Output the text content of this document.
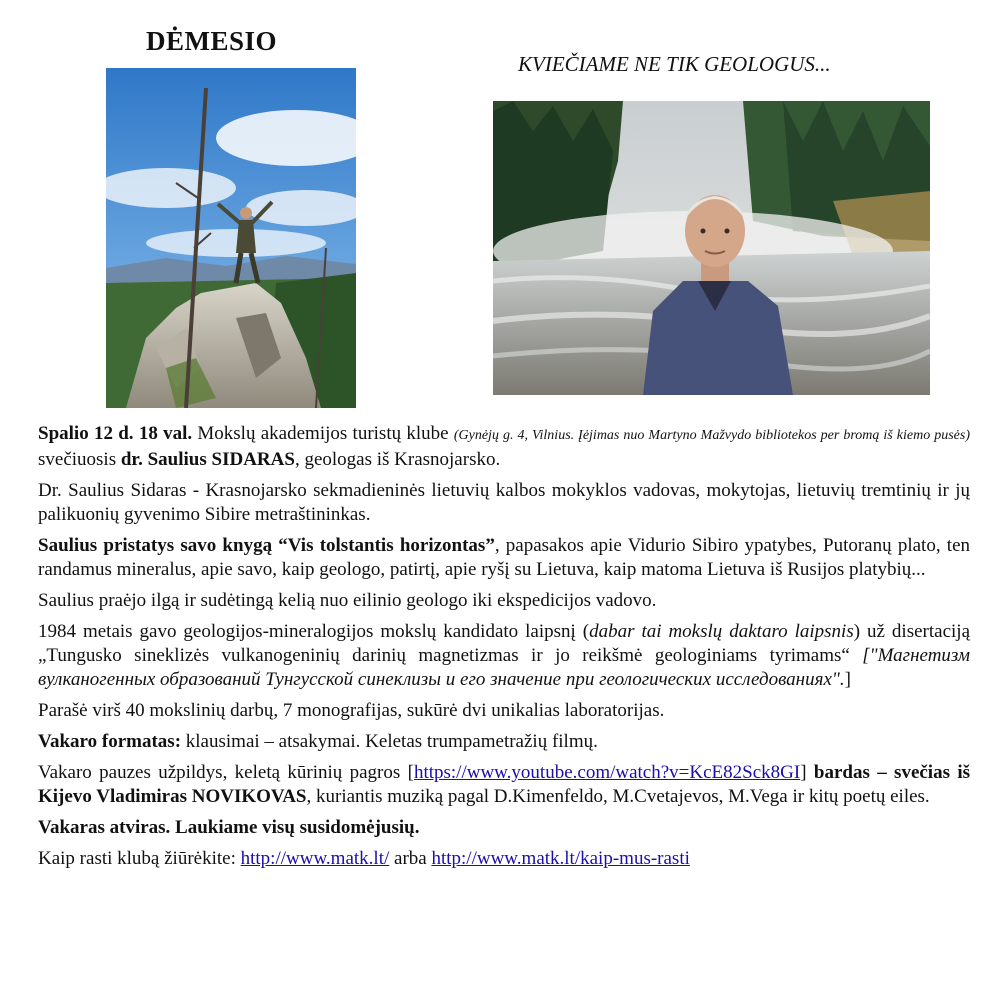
DĖMESIO
KVIEČIAME NE TIK GEOLOGUS...

Spalio 12 d. 18 val. Mokslų akademijos turistų klube (Gynėjų g. 4, Vilnius. Įėjimas nuo Martyno Mažvydo bibliotekos per bromą iš kiemo pusės) svečiuosis dr. Saulius SIDARAS, geologas iš Krasnojarsko.

Dr. Saulius Sidaras - Krasnojarsko sekmadieninės lietuvių kalbos mokyklos vadovas, mokytojas, lietuvių tremtinių ir jų palikuonių gyvenimo Sibire metraštininkas.

Saulius pristatys savo knygą “Vis tolstantis horizontas”, papasakos apie Vidurio Sibiro ypatybes, Putoranų plato, ten randamus mineralus, apie savo, kaip geologo, patirtį, apie ryšį su Lietuva, kaip matoma Lietuva iš Rusijos platybių...

Saulius praėjo ilgą ir sudėtingą kelią nuo eilinio geologo iki ekspedicijos vadovo.

1984 metais gavo geologijos-mineralogijos mokslų kandidato laipsnį (dabar tai mokslų daktaro laipsnis) už disertaciją „Tungusko sineklizės vulkanogeninių darinių magnetizmas ir jo reikšmė geologiniams tyrimams“ ["Магнетизм вулканогенных образований Тунгусской синеклизы и его значение при геологических исследованиях".]

Parašė virš 40 mokslinių darbų, 7 monografijas, sukūrė dvi unikalias laboratorijas.

Vakaro formatas: klausimai – atsakymai. Keletas trumpametražių filmų.

Vakaro pauzes užpildys, keletą kūrinių pagros [https://www.youtube.com/watch?v=KcE82Sck8GI] bardas – svečias iš Kijevo Vladimiras NOVIKOVAS, kuriantis muziką pagal D.Kimenfeldo, M.Cvetajevos, M.Vega ir kitų poetų eiles.

Vakaras atviras. Laukiame visų susidomėjusių.

Kaip rasti klubą žiūrėkite: http://www.matk.lt/ arba http://www.matk.lt/kaip-mus-rasti
